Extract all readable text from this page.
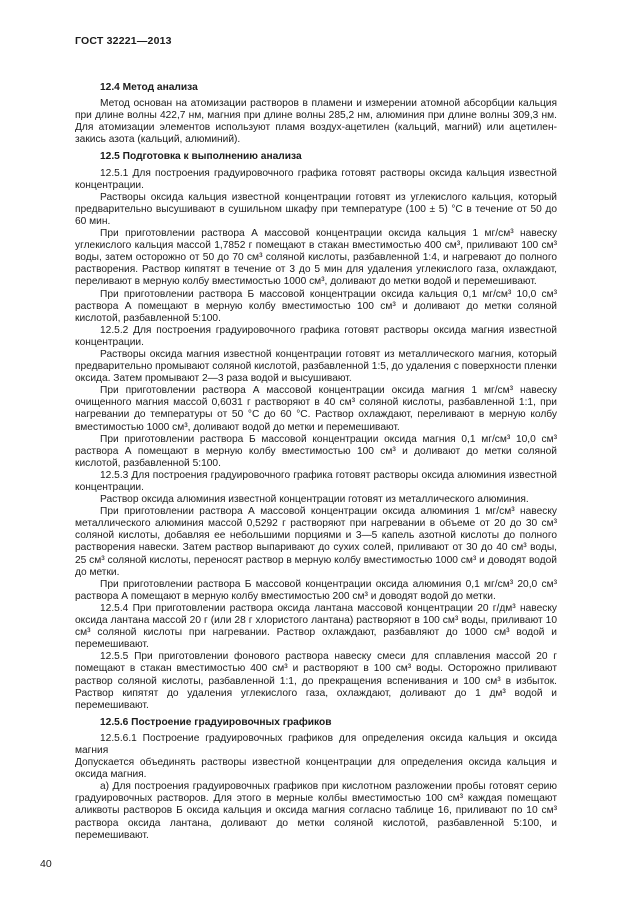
ГОСТ 32221—2013

12.4 Метод анализа

Метод основан на атомизации растворов в пламени и измерении атомной абсорбции кальция при длине волны 422,7 нм, магния при длине волны 285,2 нм, алюминия при длине волны 309,3 нм. Для атомизации элементов используют пламя воздух-ацетилен (кальций, магний) или ацетилен-закись азота (кальций, алюминий).

12.5 Подготовка к выполнению анализа

12.5.1 Для построения градуировочного графика готовят растворы оксида кальция известной концентрации.

Растворы оксида кальция известной концентрации готовят из углекислого кальция, который предварительно высушивают в сушильном шкафу при температуре (100 ± 5) °С в течение от 50 до 60 мин.

При приготовлении раствора А массовой концентрации оксида кальция 1 мг/см³ навеску углекислого кальция массой 1,7852 г помещают в стакан вместимостью 400 см³, приливают 100 см³ воды, затем осторожно от 50 до 70 см³ соляной кислоты, разбавленной 1:4, и нагревают до полного растворения. Раствор кипятят в течение от 3 до 5 мин для удаления углекислого газа, охлаждают, переливают в мерную колбу вместимостью 1000 см³, доливают до метки водой и перемешивают.

При приготовлении раствора Б массовой концентрации оксида кальция 0,1 мг/см³ 10,0 см³ раствора А помещают в мерную колбу вместимостью 100 см³ и доливают до метки соляной кислотой, разбавленной 5:100.

12.5.2 Для построения градуировочного графика готовят растворы оксида магния известной концентрации.

Растворы оксида магния известной концентрации готовят из металлического магния, который предварительно промывают соляной кислотой, разбавленной 1:5, до удаления с поверхности пленки оксида. Затем промывают 2—3 раза водой и высушивают.

При приготовлении раствора А массовой концентрации оксида магния 1 мг/см³ навеску очищенного магния массой 0,6031 г растворяют в 40 см³ соляной кислоты, разбавленной 1:1, при нагревании до температуры от 50 °С до 60 °С. Раствор охлаждают, переливают в мерную колбу вместимостью 1000 см³, доливают водой до метки и перемешивают.

При приготовлении раствора Б массовой концентрации оксида магния 0,1 мг/см³ 10,0 см³ раствора А помещают в мерную колбу вместимостью 100 см³ и доливают до метки соляной кислотой, разбавленной 5:100.

12.5.3 Для построения градуировочного графика готовят растворы оксида алюминия известной концентрации.

Раствор оксида алюминия известной концентрации готовят из металлического алюминия.

При приготовлении раствора А массовой концентрации оксида алюминия 1 мг/см³ навеску металлического алюминия массой 0,5292 г растворяют при нагревании в объеме от 20 до 30 см³ соляной кислоты, добавляя ее небольшими порциями и 3—5 капель азотной кислоты до полного растворения навески. Затем раствор выпаривают до сухих солей, приливают от 30 до 40 см³ воды, 25 см³ соляной кислоты, переносят раствор в мерную колбу вместимостью 1000 см³ и доводят водой до метки.

При приготовлении раствора Б массовой концентрации оксида алюминия 0,1 мг/см³ 20,0 см³ раствора А помещают в мерную колбу вместимостью 200 см³ и доводят водой до метки.

12.5.4 При приготовлении раствора оксида лантана массовой концентрации 20 г/дм³ навеску оксида лантана массой 20 г (или 28 г хлористого лантана) растворяют в 100 см³ воды, приливают 10 см³ соляной кислоты при нагревании. Раствор охлаждают, разбавляют до 1000 см³ водой и перемешивают.

12.5.5 При приготовлении фонового раствора навеску смеси для сплавления массой 20 г помещают в стакан вместимостью 400 см³ и растворяют в 100 см³ воды. Осторожно приливают раствор соляной кислоты, разбавленной 1:1, до прекращения вспенивания и 100 см³ в избыток. Раствор кипятят до удаления углекислого газа, охлаждают, доливают до 1 дм³ водой и перемешивают.

12.5.6 Построение градуировочных графиков

12.5.6.1 Построение градуировочных графиков для определения оксида кальция и оксида магния

Допускается объединять растворы известной концентрации для определения оксида кальция и оксида магния.

а) Для построения градуировочных графиков при кислотном разложении пробы готовят серию градуировочных растворов. Для этого в мерные колбы вместимостью 100 см³ каждая помещают аликвоты растворов Б оксида кальция и оксида магния согласно таблице 16, приливают по 10 см³ раствора оксида лантана, доливают до метки соляной кислотой, разбавленной 5:100, и перемешивают.

40
